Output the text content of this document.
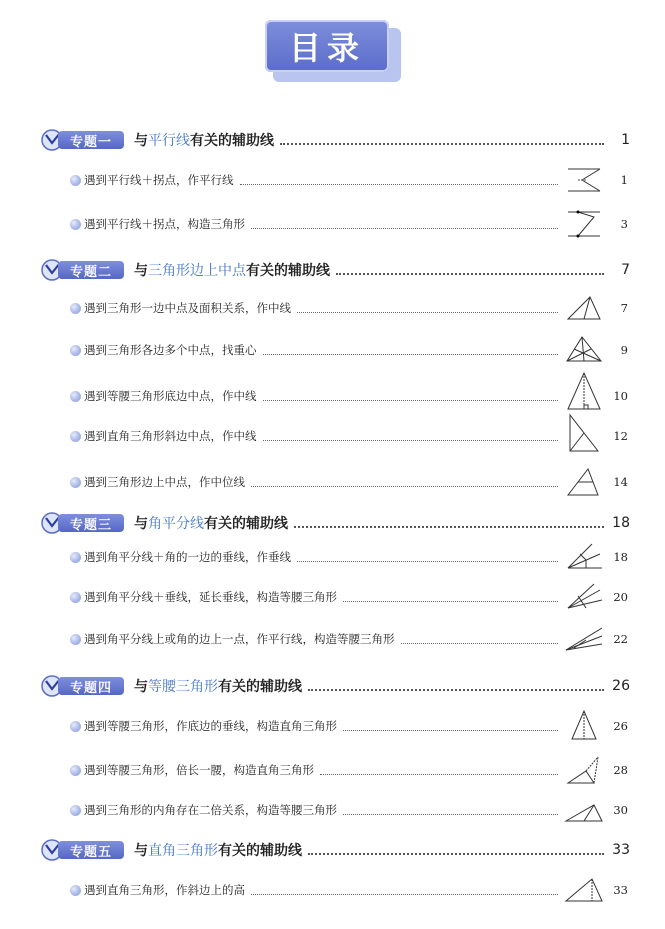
目录
专题一	与平行线有关的辅助线	1
遇到平行线＋拐点，作平行线	1
遇到平行线＋拐点，构造三角形	3
专题二	与三角形边上中点有关的辅助线	7
遇到三角形一边中点及面积关系，作中线	7
遇到三角形各边多个中点，找重心	9
遇到等腰三角形底边中点，作中线	10
遇到直角三角形斜边中点，作中线	12
遇到三角形边上中点，作中位线	14
专题三	与角平分线有关的辅助线	18
遇到角平分线＋角的一边的垂线，作垂线	18
遇到角平分线＋垂线，延长垂线，构造等腰三角形	20
遇到角平分线上或角的边上一点，作平行线，构造等腰三角形	22
专题四	与等腰三角形有关的辅助线	26
遇到等腰三角形，作底边的垂线，构造直角三角形	26
遇到等腰三角形，倍长一腰，构造直角三角形	28
遇到三角形的内角存在二倍关系，构造等腰三角形	30
专题五	与直角三角形有关的辅助线	33
遇到直角三角形，作斜边上的高	33
